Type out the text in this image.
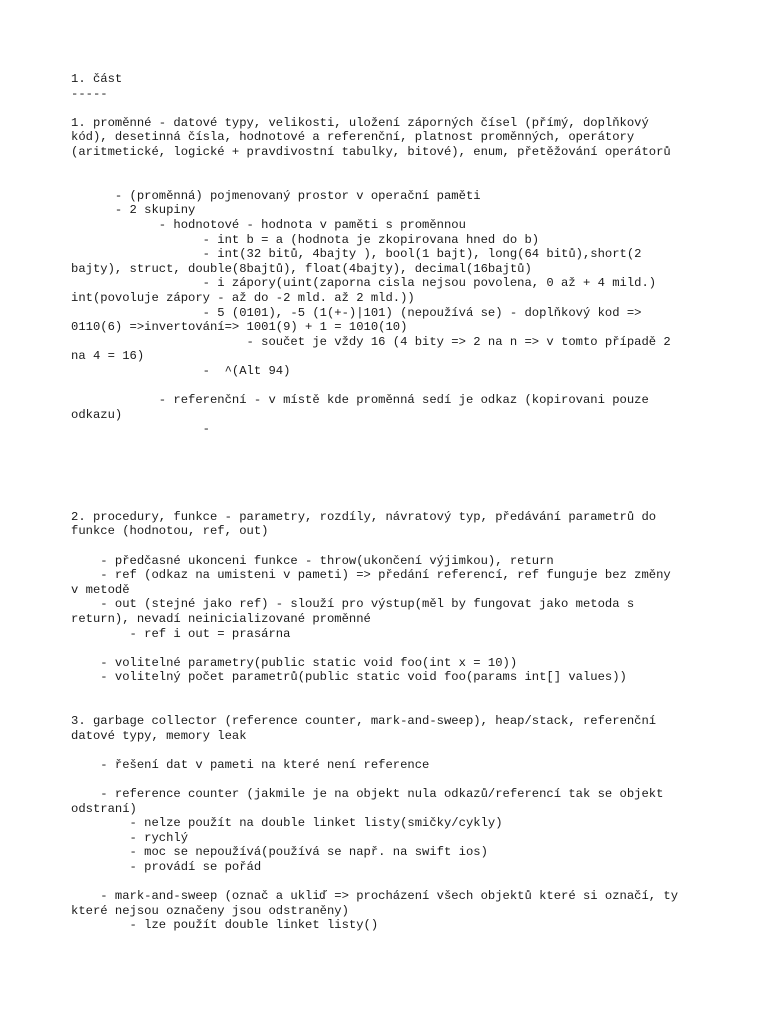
1. část
-----
1. proměnné - datové typy, velikosti, uložení záporných čísel (přímý, doplňkový
kód), desetinná čísla, hodnotové a referenční, platnost proměnných, operátory
(aritmetické, logické + pravdivostní tabulky, bitové), enum, přetěžování operátorů
- (proměnná) pojmenovaný prostor v operační paměti
- 2 skupiny
- hodnotové - hodnota v paměti s proměnnou
- int b = a (hodnota je zkopirovana hned do b)
- int(32 bitů, 4bajty ), bool(1 bajt), long(64 bitů),short(2
bajty), struct, double(8bajtů), float(4bajty), decimal(16bajtů)
- i zápory(uint(zaporna cisla nejsou povolena, 0 až + 4 mild.)
int(povoluje zápory - až do -2 mld. až 2 mld.))
- 5 (0101), -5 (1(+-)|101) (nepoužívá se) - doplňkový kod =>
0110(6) =>invertování=> 1001(9) + 1 = 1010(10)
- součet je vždy 16 (4 bity => 2 na n => v tomto případě 2
na 4 = 16)
-  ^(Alt 94)
- referenční - v místě kde proměnná sedí je odkaz (kopirovani pouze
odkazu)
-
2. procedury, funkce - parametry, rozdíly, návratový typ, předávání parametrů do
funkce (hodnotou, ref, out)
- předčasné ukonceni funkce - throw(ukončení výjimkou), return
- ref (odkaz na umisteni v pameti) => předání referencí, ref funguje bez změny
v metodě
- out (stejné jako ref) - slouží pro výstup(měl by fungovat jako metoda s
return), nevadí neinicializované proměnné
- ref i out = prasárna
- volitelné parametry(public static void foo(int x = 10))
- volitelný počet parametrů(public static void foo(params int[] values))
3. garbage collector (reference counter, mark-and-sweep), heap/stack, referenční
datové typy, memory leak
- řešení dat v pameti na které není reference
- reference counter (jakmile je na objekt nula odkazů/referencí tak se objekt
odstraní)
- nelze použít na double linket listy(smičky/cykly)
- rychlý
- moc se nepoužívá(používá se např. na swift ios)
- provádí se pořád
- mark-and-sweep (označ a ukliď => procházení všech objektů které si označí, ty
které nejsou označeny jsou odstraněny)
- lze použít double linket listy()
